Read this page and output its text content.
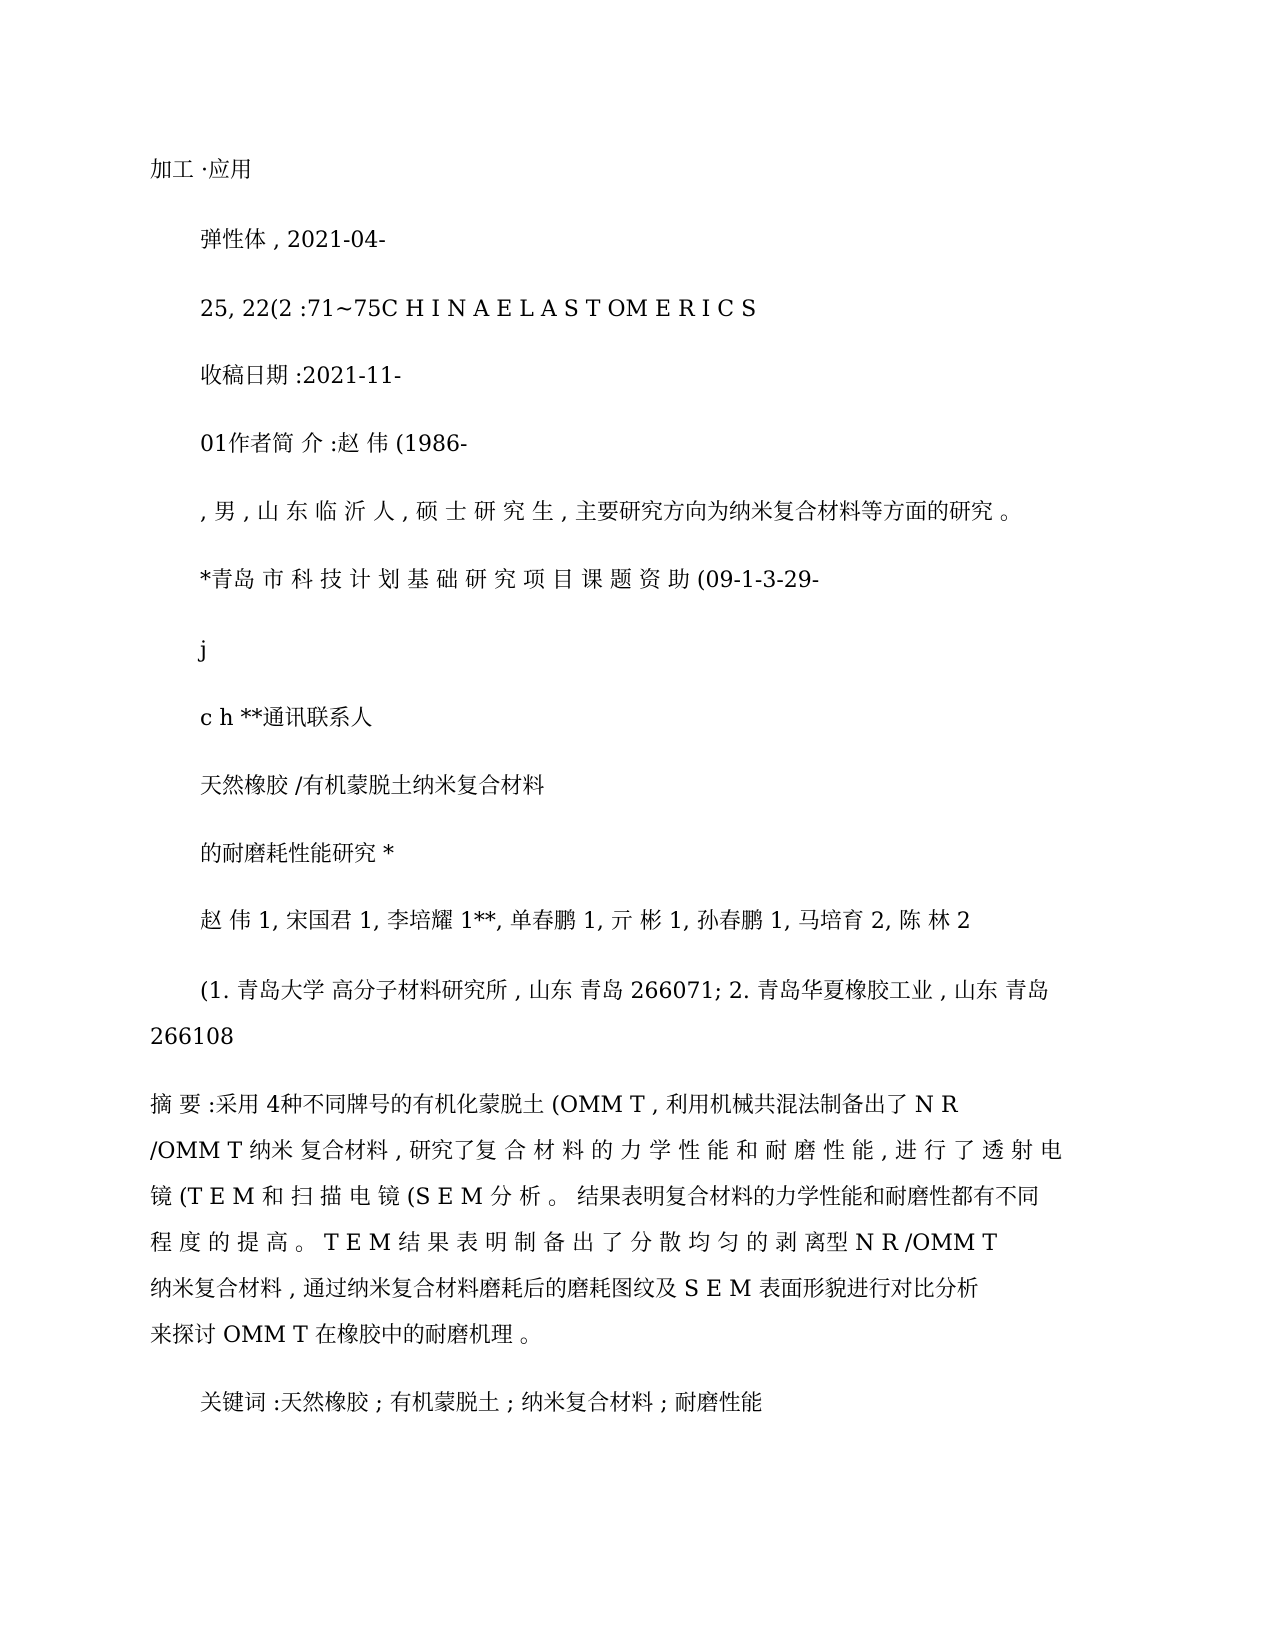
加工 ·应用
弹性体 , 2021-04-
25, 22(2 :71~75C H I N A E L A S T OM E R I C S
收稿日期 :2021-11-
01作者简 介 :赵 伟 (1986-
, 男 , 山 东 临 沂 人 , 硕 士 研 究 生 , 主要研究方向为纳米复合材料等方面的研究 。
*青岛 市 科 技 计 划 基 础 研 究 项 目 课 题 资 助 (09-1-3-29-
j
c h **通讯联系人
天然橡胶 /有机蒙脱土纳米复合材料
的耐磨耗性能研究 *
赵 伟 1, 宋国君 1, 李培耀 1**, 单春鹏 1, 亓 彬 1, 孙春鹏 1, 马培育 2, 陈 林 2
(1. 青岛大学 高分子材料研究所 , 山东 青岛 266071; 2. 青岛华夏橡胶工业 , 山东 青岛
266108
摘 要 :采用 4种不同牌号的有机化蒙脱土 (OMM T , 利用机械共混法制备出了 N R
/OMM T 纳米 复合材料 , 研究了复 合 材 料 的 力 学 性 能 和 耐 磨 性 能 , 进 行 了 透 射 电
镜 (T E M 和 扫 描 电 镜 (S E M 分 析 。 结果表明复合材料的力学性能和耐磨性都有不同
程 度 的 提 高 。 T E M 结 果 表 明 制 备 出 了 分 散 均 匀 的 剥 离型 N R /OMM T
纳米复合材料 , 通过纳米复合材料磨耗后的磨耗图纹及 S E M 表面形貌进行对比分析
来探讨 OMM T 在橡胶中的耐磨机理 。
关键词 :天然橡胶 ; 有机蒙脱土 ; 纳米复合材料 ; 耐磨性能
